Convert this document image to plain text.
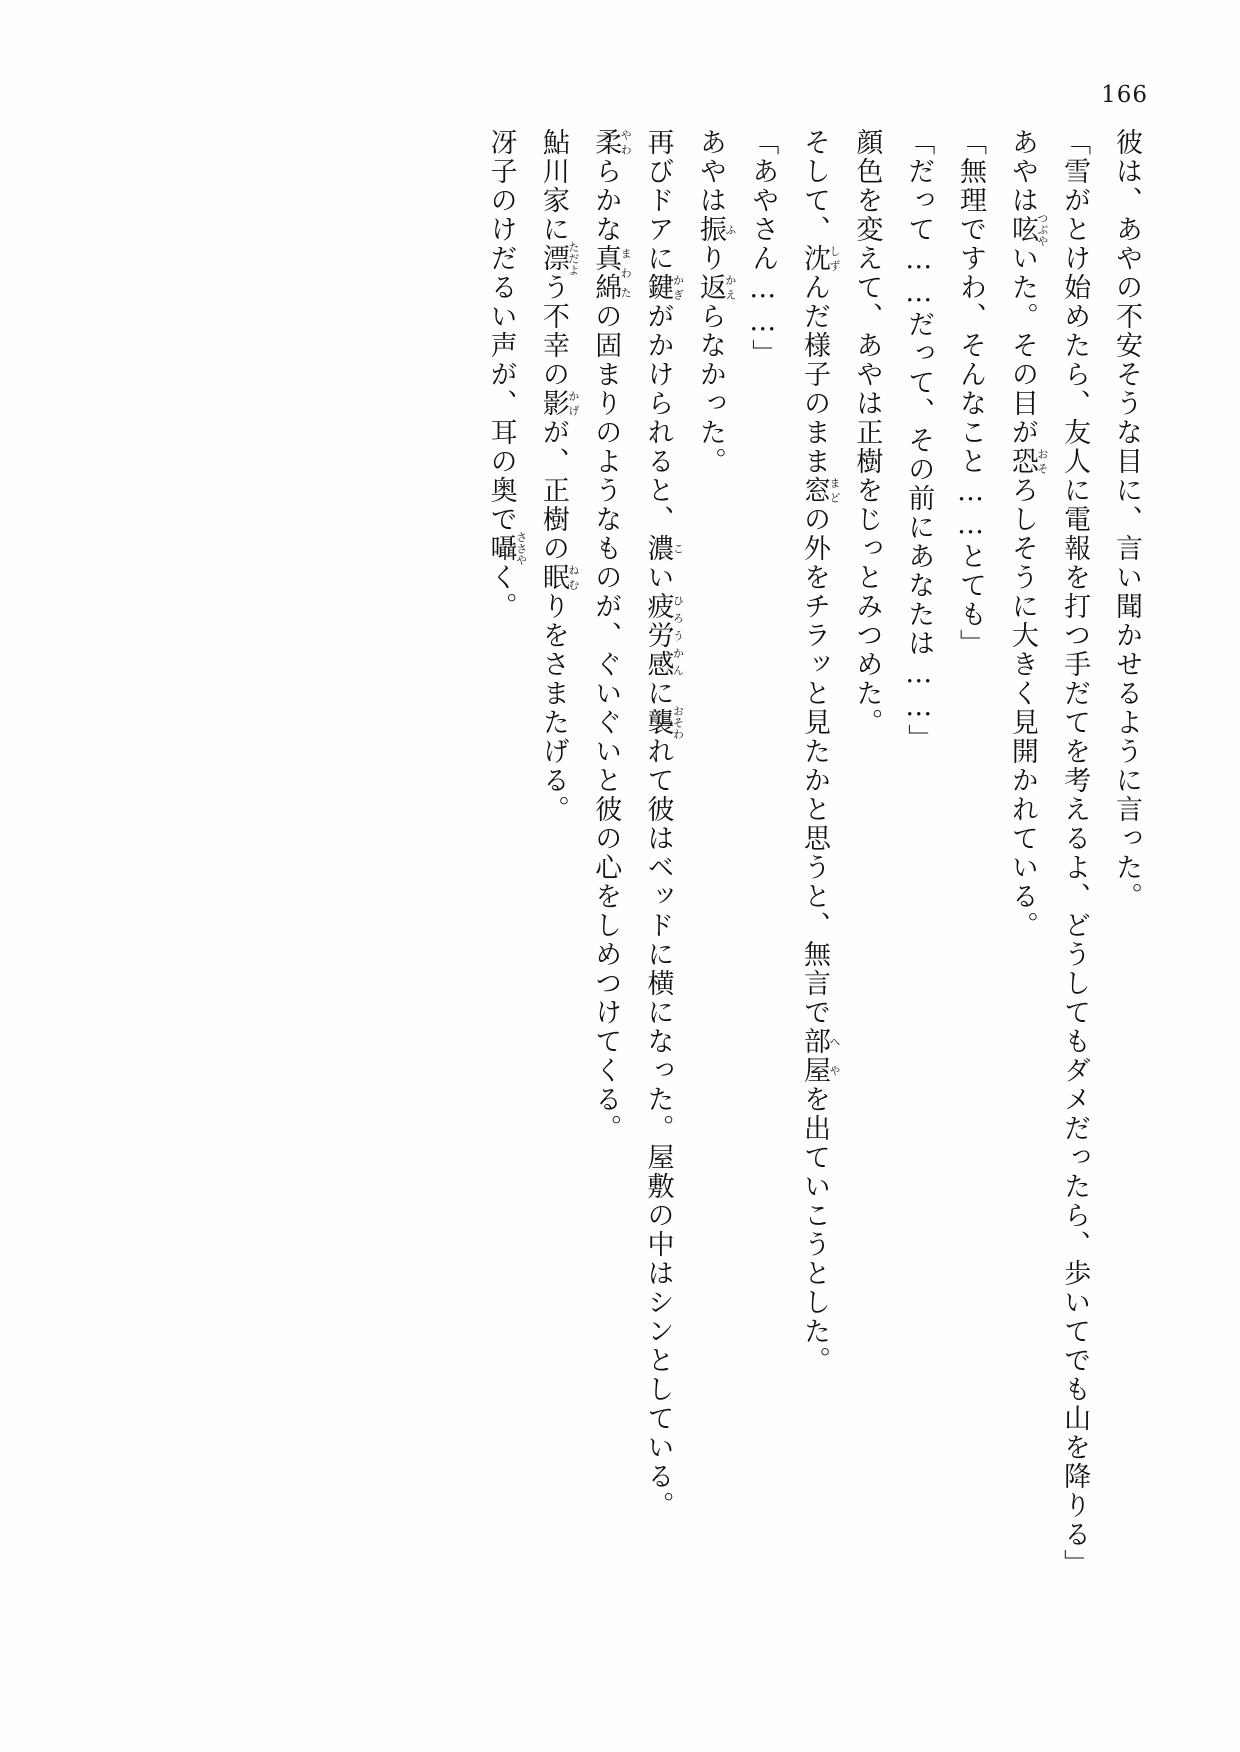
166

彼は、あやの不安そうな目に、言い聞かせるように言った。

「雪がとけ始めたら、友人に電報を打つ手だてを考えるよ、どうしてもダメだったら、歩いてでも山を降りる」

あやは呟つぶやいた。その目が恐おそろしそうに大きく見開かれている。

「無理ですわ、そんなこと……とても」

「だって……だって、その前にあなたは……」

顔色を変えて、あやは正樹をじっとみつめた。

そして、沈しずんだ様子のまま窓まどの外をチラッと見たかと思うと、無言で部屋へやを出ていこうとした。

「あやさん……」

あやは振ふり返かえらなかった。

再びドアに鍵かぎがかけられると、濃こい疲労感ひろうかんに襲おそわれて彼はベッドに横になった。屋敷の中はシンとしている。

柔やわらかな真綿まわたの固まりのようなものが、ぐいぐいと彼の心をしめつけてくる。

鮎川家に漂ただよう不幸の影かげが、正樹の眠ねむりをさまたげる。

冴子のけだるい声が、耳の奥で囁ささやく。
